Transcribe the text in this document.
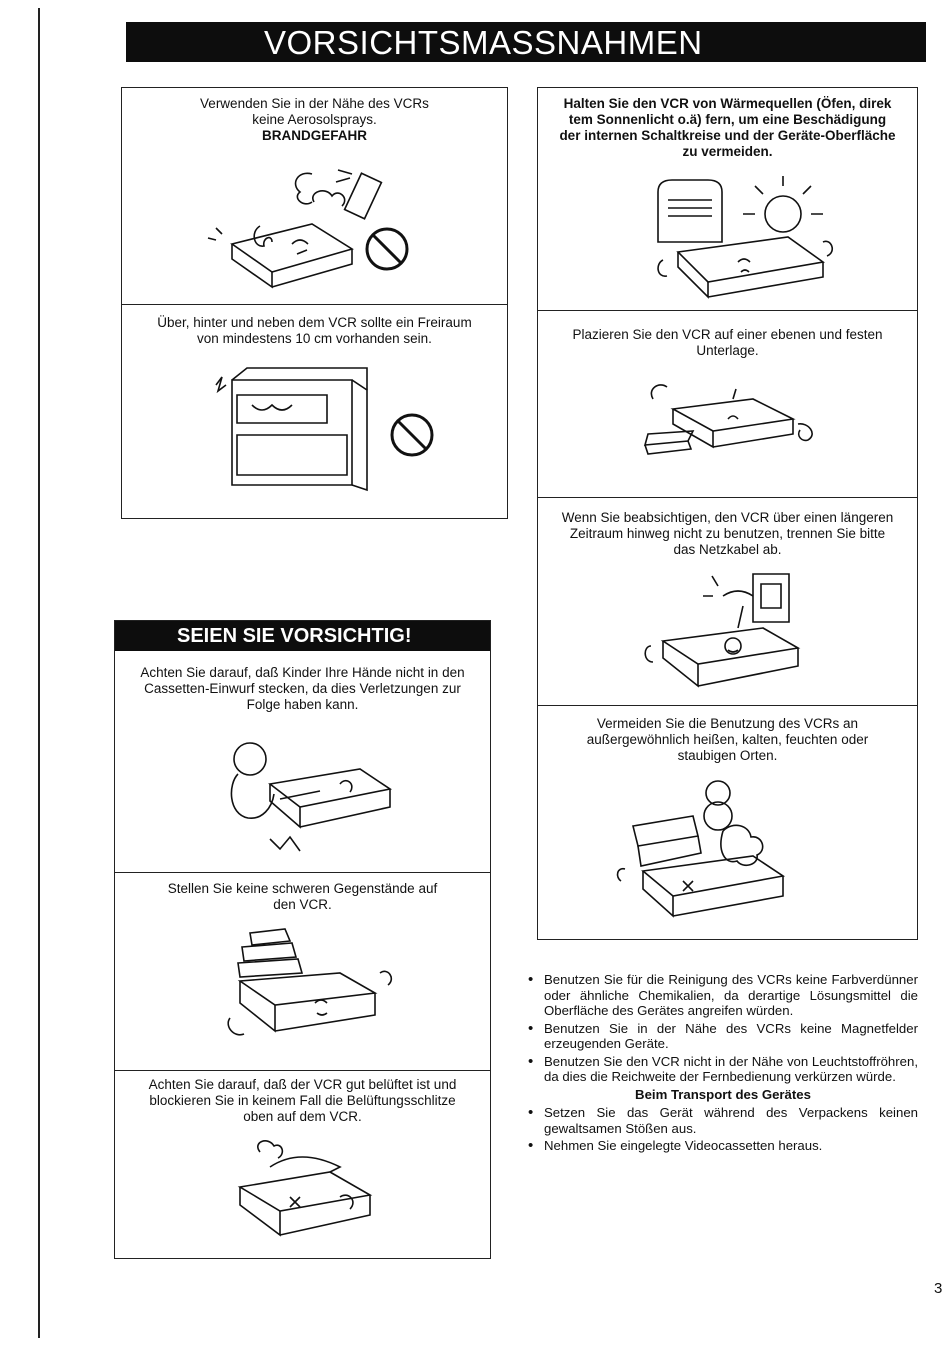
VORSICHTSMASSNAHMEN
Verwenden Sie in der Nähe des VCRs
keine Aerosolsprays.
BRANDGEFAHR
Über, hinter und neben dem VCR sollte ein Freiraum
von mindestens 10 cm vorhanden sein.
Halten Sie den VCR von Wärmequellen (Öfen, direk
tem Sonnenlicht o.ä) fern, um eine Beschädigung
der internen Schaltkreise und der Geräte-Oberfläche
zu vermeiden.
Plazieren Sie den VCR auf einer ebenen und festen
Unterlage.
Wenn Sie beabsichtigen, den VCR über einen längeren
Zeitraum hinweg nicht zu benutzen, trennen Sie bitte
das Netzkabel ab.
Vermeiden Sie die Benutzung des VCRs an
außergewöhnlich heißen, kalten, feuchten oder
staubigen Orten.
SEIEN SIE VORSICHTIG!
Achten Sie darauf, daß Kinder Ihre Hände nicht in den
Cassetten-Einwurf stecken, da dies Verletzungen zur
Folge haben kann.
Stellen Sie keine schweren Gegenstände auf
den VCR.
Achten Sie darauf, daß der VCR gut belüftet ist und
blockieren Sie in keinem Fall die Belüftungsschlitze
oben auf dem VCR.
• Benutzen Sie für die Reinigung des VCRs keine Farbverdünner oder ähnliche Chemikalien, da derartige Lösungsmittel die Oberfläche des Gerätes angreifen würden.
• Benutzen Sie in der Nähe des VCRs keine Magnetfelder erzeugenden Geräte.
• Benutzen Sie den VCR nicht in der Nähe von Leuchtstoffröhren, da dies die Reichweite der Fernbedienung verkürzen würde.
Beim Transport des Gerätes
• Setzen Sie das Gerät während des Verpackens keinen gewaltsamen Stößen aus.
• Nehmen Sie eingelegte Videocassetten heraus.
3
